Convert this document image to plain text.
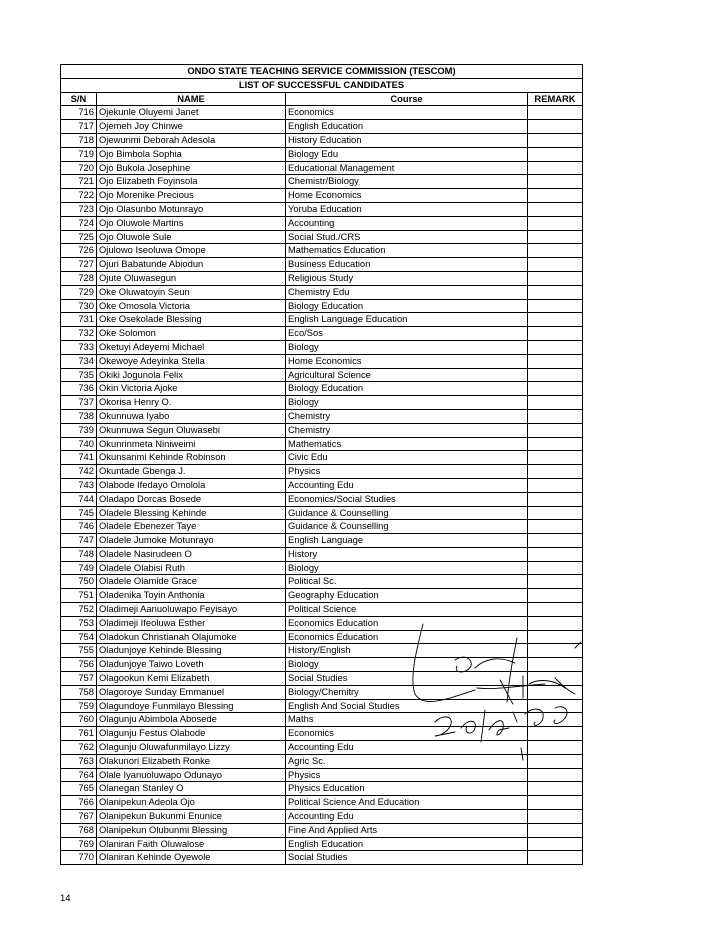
ONDO STATE TEACHING SERVICE COMMISSION (TESCOM)			
LIST OF SUCCESSFUL CANDIDATES			
S/N	NAME	Course	REMARK
716	Ojekunle Oluyemi Janet	Economics	
717	Ojemeh Joy Chinwe	English Education	
718	Ojewunmi Deborah Adesola	History Education	
719	Ojo Bimbola Sophia	Biology Edu	
720	Ojo Bukola Josephine	Educational Management	
721	Ojo Elizabeth Foyinsola	Chemistr/Biology	
722	Ojo Morenike Precious	Home Economics	
723	Ojo Olasunbo Motunrayo	Yoruba Education	
724	Ojo Oluwole Martins	Accounting	
725	Ojo Oluwole Sule	Social Stud./CRS	
726	Ojulowo Iseoluwa Omope	Mathematics Education	
727	Ojuri Babatunde Abiodun	Business Education	
728	Ojute Oluwasegun	Religious Study	
729	Oke Oluwatoyin Seun	Chemistry Edu	
730	Oke Omosola Victoria	Biology Education	
731	Oke Osekolade Blessing	English Language Education	
732	Oke Solomon	Eco/Sos	
733	Oketuyi Adeyemi Michael	Biology	
734	Okewoye Adeyinka Stella	Home Economics	
735	Okiki Jogunola Felix	Agricultural Science	
736	Okin Victoria Ajoke	Biology Education	
737	Okorisa Henry O.	Biology	
738	Okunnuwa Iyabo	Chemistry	
739	Okunnuwa Segun Oluwasebi	Chemistry	
740	Okunrinmeta Niniweimi	Mathematics	
741	Okunsanmi Kehinde Robinson	Civic Edu	
742	Okuntade Gbenga J.	Physics	
743	Olabode Ifedayo Omolola	Accounting Edu	
744	Oladapo Dorcas Bosede	Economics/Social Studies	
745	Oladele Blessing Kehinde	Guidance & Counselling	
746	Oladele Ebenezer Taye	Guidance & Counselling	
747	Oladele Jumoke Motunrayo	English Language	
748	Oladele Nasirudeen O	History	
749	Oladele Olabisi Ruth	Biology	
750	Oladele Olamide Grace	Political Sc.	
751	Oladenika Toyin Anthonia	Geography Education	
752	Oladimeji Aanuoluwapo Feyisayo	Political Science	
753	Oladimeji Ifeoluwa Esther	Economics Education	
754	Oladokun Christianah Olajumoke	Economics Education	
755	Oladunjoye Kehinde Blessing	History/English	
756	Oladunjoye Taiwo Loveth	Biology	
757	Olagookun Kemi Elizabeth	Social Studies	
758	Olagoroye Sunday Emmanuel	Biology/Chemitry	
759	Olagundoye Funmilayo Blessing	English And Social Studies	
760	Olagunju Abimbola Abosede	Maths	
761	Olagunju Festus Olabode	Economics	
762	Olagunju Oluwafunmilayo Lizzy	Accounting Edu	
763	Olakunori Elizabeth Ronke	Agric Sc.	
764	Olale Iyanuoluwapo Odunayo	Physics	
765	Olanegan Stanley O	Physics Education	
766	Olanipekun Adeola Ojo	Political Science And Education	
767	Olanipekun Bukunmi Enunice	Accounting Edu	
768	Olanipekun Olubunmi Blessing	Fine And Applied Arts	
769	Olaniran Faith Oluwalose	English Education	
770	Olaniran Kehinde Oyewole	Social Studies	
14
